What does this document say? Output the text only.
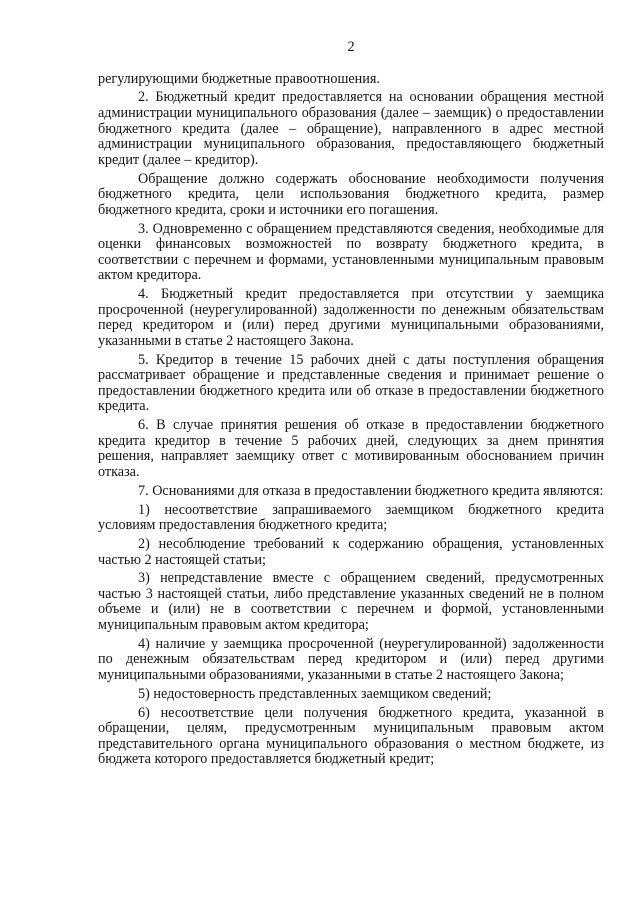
2

регулирующими бюджетные правоотношения.

2. Бюджетный кредит предоставляется на основании обращения местной администрации муниципального образования (далее – заемщик) о предоставлении бюджетного кредита (далее – обращение), направленного в адрес местной администрации муниципального образования, предоставляющего бюджетный кредит (далее – кредитор).

Обращение должно содержать обоснование необходимости получения бюджетного кредита, цели использования бюджетного кредита, размер бюджетного кредита, сроки и источники его погашения.

3. Одновременно с обращением представляются сведения, необходимые для оценки финансовых возможностей по возврату бюджетного кредита, в соответствии с перечнем и формами, установленными муниципальным правовым актом кредитора.

4. Бюджетный кредит предоставляется при отсутствии у заемщика просроченной (неурегулированной) задолженности по денежным обязательствам перед кредитором и (или) перед другими муниципальными образованиями, указанными в статье 2 настоящего Закона.

5. Кредитор в течение 15 рабочих дней с даты поступления обращения рассматривает обращение и представленные сведения и принимает решение о предоставлении бюджетного кредита или об отказе в предоставлении бюджетного кредита.

6. В случае принятия решения об отказе в предоставлении бюджетного кредита кредитор в течение 5 рабочих дней, следующих за днем принятия решения, направляет заемщику ответ с мотивированным обоснованием причин отказа.

7. Основаниями для отказа в предоставлении бюджетного кредита являются:

1) несоответствие запрашиваемого заемщиком бюджетного кредита условиям предоставления бюджетного кредита;

2) несоблюдение требований к содержанию обращения, установленных частью 2 настоящей статьи;

3) непредставление вместе с обращением сведений, предусмотренных частью 3 настоящей статьи, либо представление указанных сведений не в полном объеме и (или) не в соответствии с перечнем и формой, установленными муниципальным правовым актом кредитора;

4) наличие у заемщика просроченной (неурегулированной) задолженности по денежным обязательствам перед кредитором и (или) перед другими муниципальными образованиями, указанными в статье 2 настоящего Закона;

5) недостоверность представленных заемщиком сведений;

6) несоответствие цели получения бюджетного кредита, указанной в обращении, целям, предусмотренным муниципальным правовым актом представительного органа муниципального образования о местном бюджете, из бюджета которого предоставляется бюджетный кредит;
